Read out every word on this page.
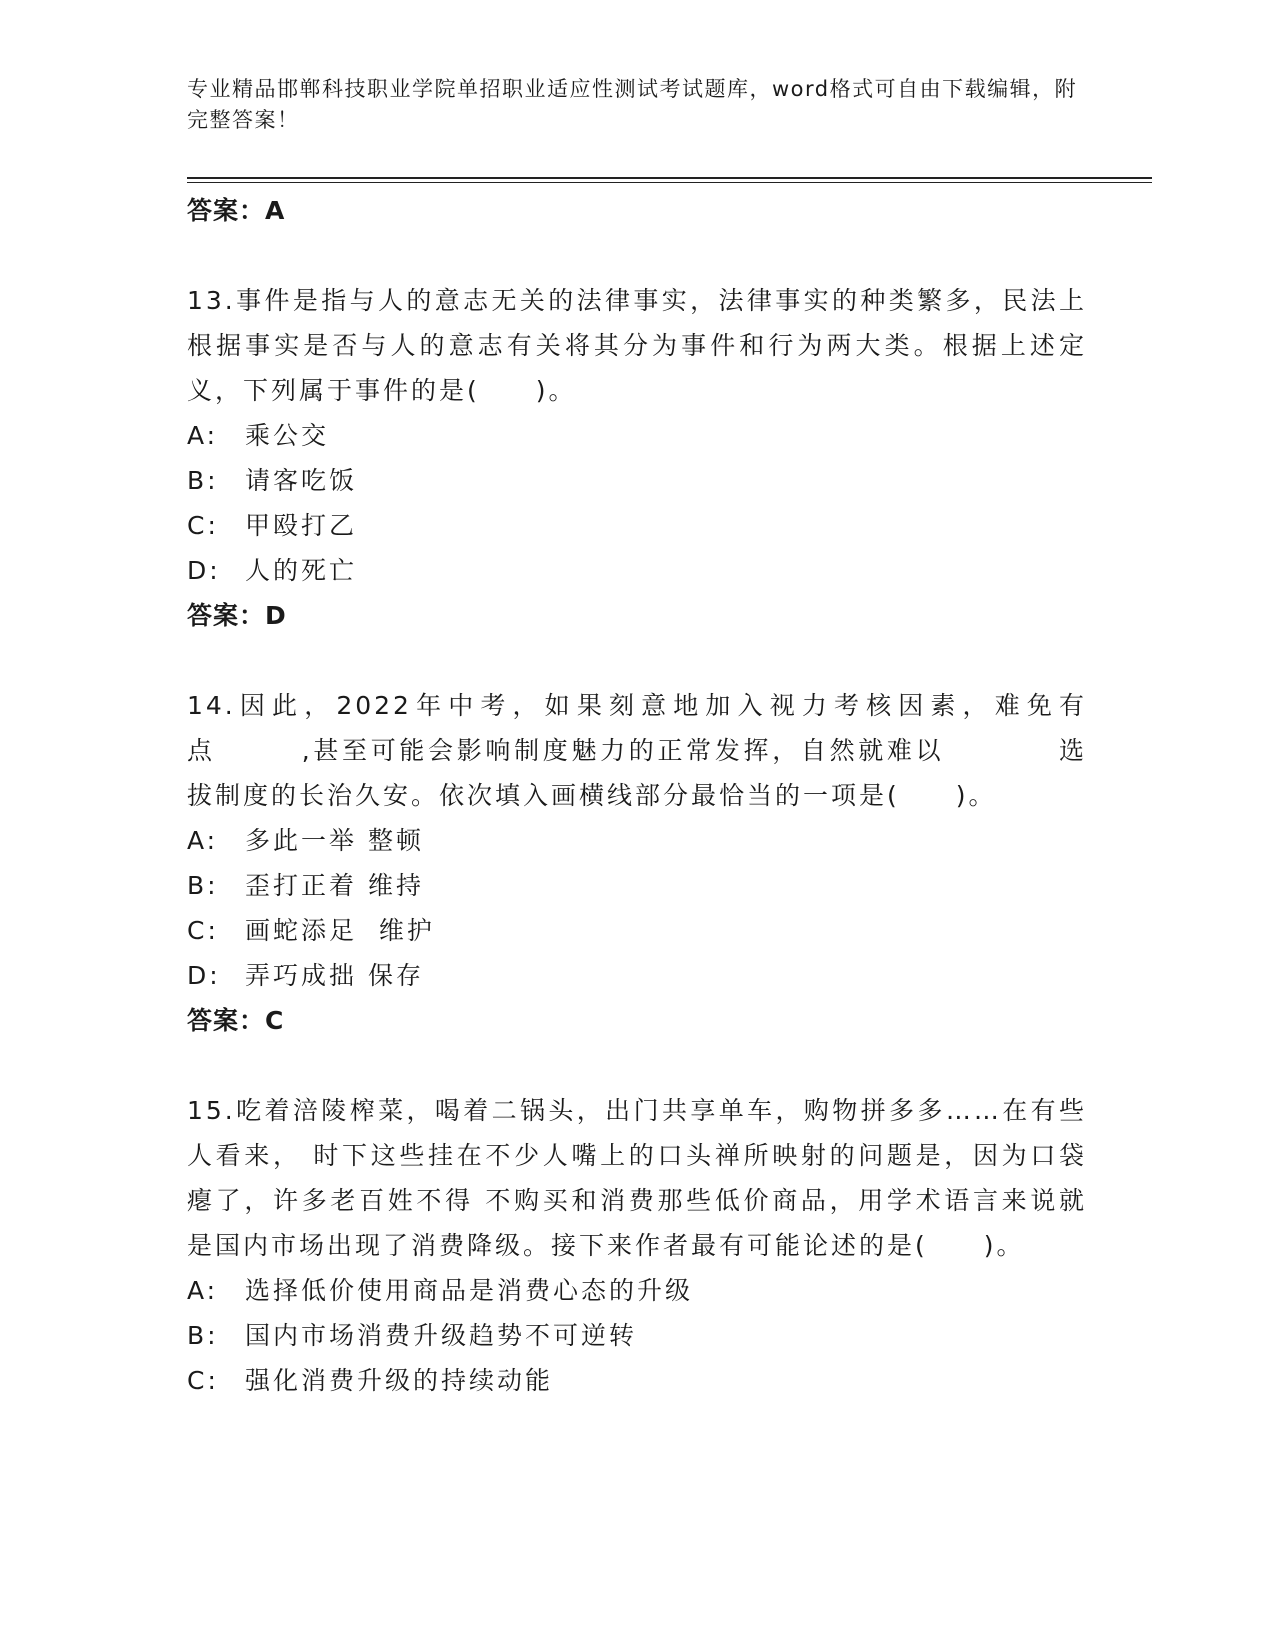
专业精品邯郸科技职业学院单招职业适应性测试考试题库，word格式可自由下载编辑，附完整答案！
答案：A
13.事件是指与人的意志无关的法律事实，法律事实的种类繁多，民法上根据事实是否与人的意志有关将其分为事件和行为两大类。根据上述定义，下列属于事件的是(　　)。
A: 乘公交
B: 请客吃饭
C: 甲殴打乙
D: 人的死亡
答案：D
14.因此，2022年中考，如果刻意地加入视力考核因素，难免有点　　　,甚至可能会影响制度魅力的正常发挥，自然就难以　　　　选拔制度的长治久安。依次填入画横线部分最恰当的一项是(　　)。
A: 多此一举 整顿
B: 歪打正着 维持
C: 画蛇添足  维护
D: 弄巧成拙 保存
答案：C
15.吃着涪陵榨菜，喝着二锅头，出门共享单车，购物拼多多……在有些人看来， 时下这些挂在不少人嘴上的口头禅所映射的问题是，因为口袋瘪了，许多老百姓不得 不购买和消费那些低价商品，用学术语言来说就是国内市场出现了消费降级。接下来作者最有可能论述的是(　　)。
A: 选择低价使用商品是消费心态的升级
B: 国内市场消费升级趋势不可逆转
C: 强化消费升级的持续动能
